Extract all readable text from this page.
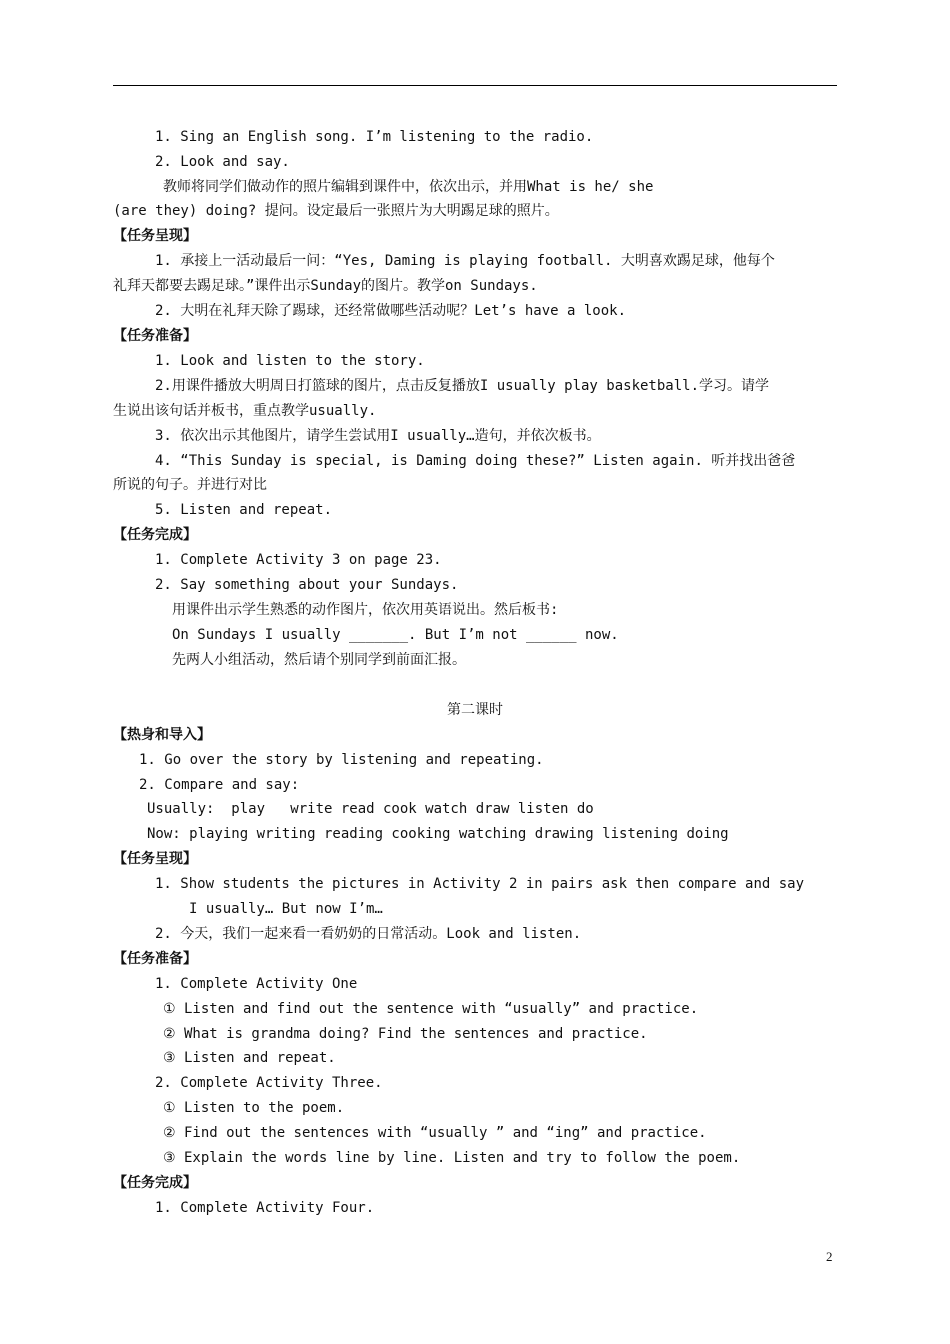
1. Sing an English song. I’m listening to the radio.
2. Look and say.
教师将同学们做动作的照片编辑到课件中，依次出示，并用What is he/ she
(are they) doing? 提问。设定最后一张照片为大明踢足球的照片。
【任务呈现】
1. 承接上一活动最后一问：“Yes, Daming is playing football. 大明喜欢踢足球，他每个
礼拜天都要去踢足球。”课件出示Sunday的图片。教学on Sundays.
2. 大明在礼拜天除了踢球，还经常做哪些活动呢？Let’s have a look.
【任务准备】
1. Look and listen to the story.
2.用课件播放大明周日打篮球的图片，点击反复播放I usually play basketball.学习。请学
生说出该句话并板书，重点教学usually.
3. 依次出示其他图片，请学生尝试用I usually…造句，并依次板书。
4. “This Sunday is special, is Daming doing these?” Listen again. 听并找出爸爸
所说的句子。并进行对比
5. Listen and repeat.
【任务完成】
1. Complete Activity 3 on page 23.
2. Say something about your Sundays.
用课件出示学生熟悉的动作图片，依次用英语说出。然后板书:
On Sundays I usually _______. But I’m not ______ now.
先两人小组活动，然后请个别同学到前面汇报。
第二课时
【热身和导入】
1. Go over the story by listening and repeating.
2. Compare and say:
Usually:  play   write read cook watch draw listen do
Now: playing writing reading cooking watching drawing listening doing
【任务呈现】
1. Show students the pictures in Activity 2 in pairs ask then compare and say
I usually… But now I’m…
2. 今天，我们一起来看一看奶奶的日常活动。Look and listen.
【任务准备】
1. Complete Activity One
① Listen and find out the sentence with “usually” and practice.
② What is grandma doing? Find the sentences and practice.
③ Listen and repeat.
2. Complete Activity Three.
① Listen to the poem.
② Find out the sentences with “usually ” and “ing” and practice.
③ Explain the words line by line. Listen and try to follow the poem.
【任务完成】
1. Complete Activity Four.
2
